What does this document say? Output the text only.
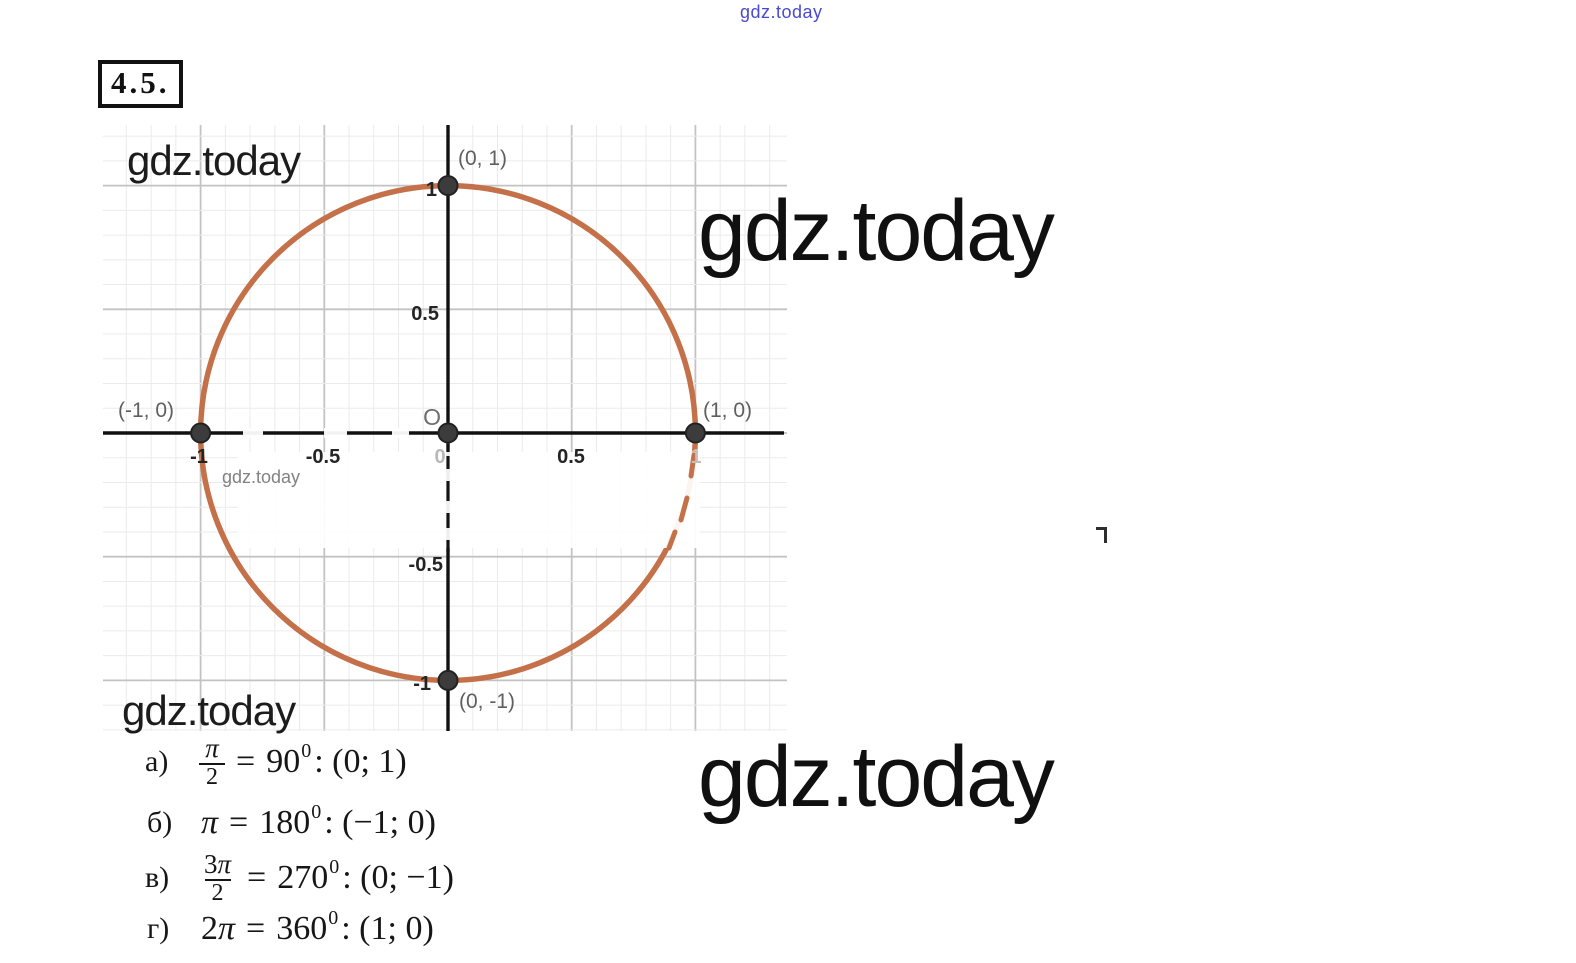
gdz.today
4.5.
(0, 1)
(-1, 0)	(1, 0)
(0, -1)
O
1
0.5
-0.5
-1
-1	-0.5	0	0.5	1
gdz.today
gdz.today
gdz.today
gdz.today
gdz.today
а)	$\frac{\pi}{2} = 90$ 0 : (0; 1)
б) π = 180 0 : (−1; 0)
в)	$\frac{3\pi}{2} = 270$ 0 : (0; −1)
г) 2 π = 360 0 : (1; 0)
